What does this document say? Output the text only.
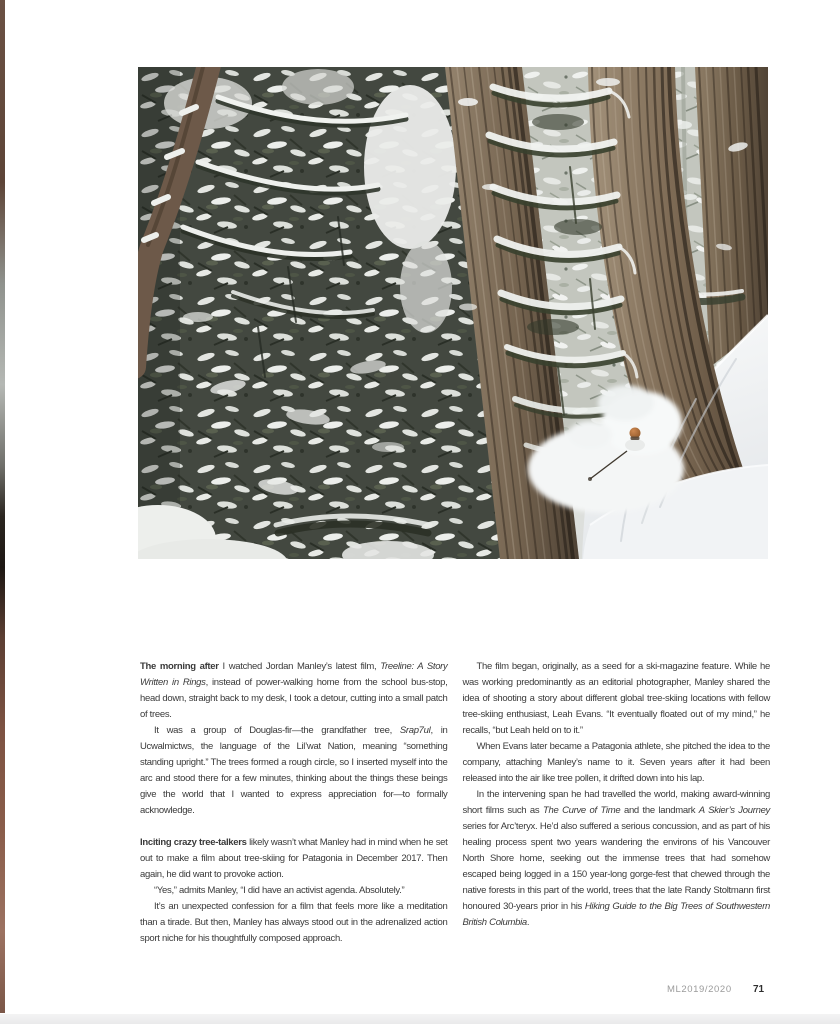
The morning after I watched Jordan Manley’s latest film, Treeline: A Story Written in Rings, instead of power-walking home from the school bus-stop, head down, straight back to my desk, I took a detour, cutting into a small patch of trees.

It was a group of Douglas-fir—the grandfather tree, Srap7ul, in Ucwalmictws, the language of the Lil’wat Nation, meaning “something standing upright.” The trees formed a rough circle, so I inserted myself into the arc and stood there for a few minutes, thinking about the things these beings give the world that I wanted to express appreciation for—to formally acknowledge.

Inciting crazy tree-talkers likely wasn’t what Manley had in mind when he set out to make a film about tree-skiing for Patagonia in December 2017. Then again, he did want to provoke action.

“Yes,” admits Manley, “I did have an activist agenda. Absolutely.”

It’s an unexpected confession for a film that feels more like a meditation than a tirade. But then, Manley has always stood out in the adrenalized action sport niche for his thoughtfully composed approach.

The film began, originally, as a seed for a ski-magazine feature. While he was working predominantly as an editorial photographer, Manley shared the idea of shooting a story about different global tree-skiing locations with fellow tree-skiing enthusiast, Leah Evans. “It eventually floated out of my mind,” he recalls, “but Leah held on to it.”

When Evans later became a Patagonia athlete, she pitched the idea to the company, attaching Manley’s name to it. Seven years after it had been released into the air like tree pollen, it drifted down into his lap.

In the intervening span he had travelled the world, making award-winning short films such as The Curve of Time and the landmark A Skier’s Journey series for Arc’teryx. He’d also suffered a serious concussion, and as part of his healing process spent two years wandering the environs of his Vancouver North Shore home, seeking out the immense trees that had somehow escaped being logged in a 150 year-long gorge-fest that chewed through the native forests in this part of the world, trees that the late Randy Stoltmann first honoured 30-years prior in his Hiking Guide to the Big Trees of Southwestern British Columbia.

ML2019/2020 71
